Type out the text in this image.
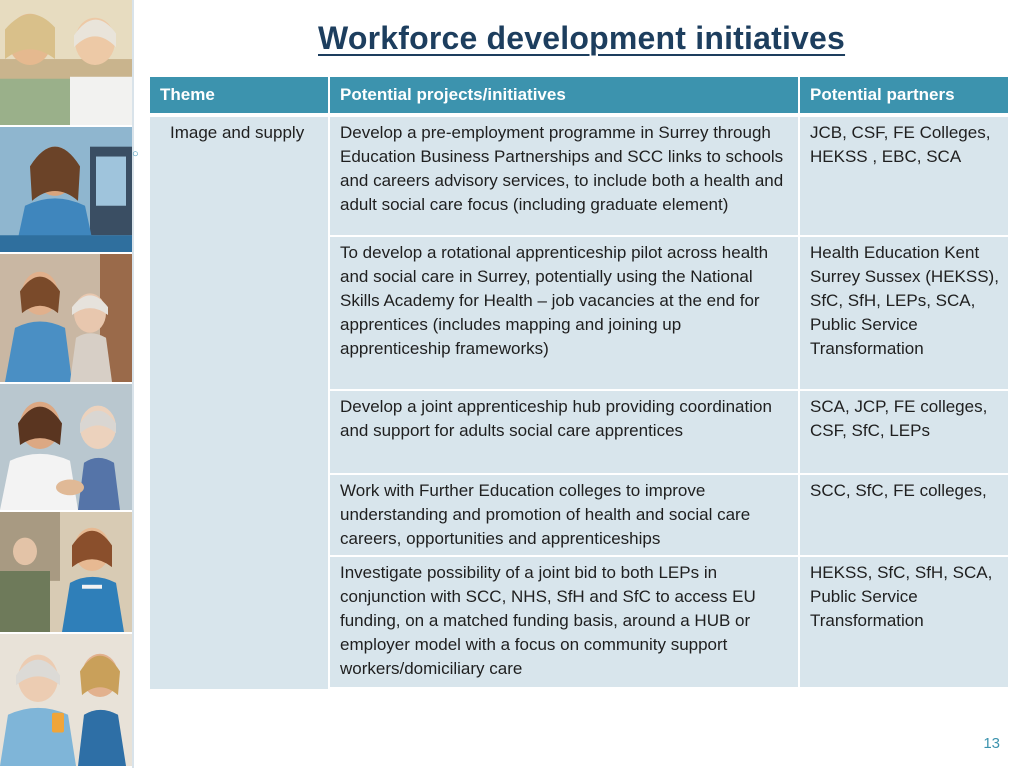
○
Workforce development initiatives
Theme	Potential projects/initiatives	Potential partners

Image and supply	Develop a pre-employment programme in Surrey through Education Business Partnerships and SCC links to schools and careers advisory services, to include both a health and adult social care focus (including graduate element)	JCB, CSF, FE Colleges, HEKSS , EBC, SCA
	To develop a rotational apprenticeship pilot across health and social care in Surrey, potentially using the National Skills Academy for Health – job vacancies at the end for apprentices (includes mapping and joining up apprenticeship frameworks)	Health Education Kent Surrey Sussex (HEKSS), SfC, SfH, LEPs, SCA, Public Service Transformation
	Develop a joint apprenticeship hub providing coordination and support for adults social care apprentices	SCA, JCP, FE colleges, CSF, SfC, LEPs
	Work with Further Education colleges to improve understanding and promotion of health and social care careers, opportunities and apprenticeships	SCC, SfC, FE colleges,
	Investigate possibility of a joint bid to both LEPs in conjunction with SCC, NHS, SfH and SfC to access EU funding, on a matched funding basis, around a HUB or employer model with a focus on community support workers/domiciliary care	HEKSS, SfC, SfH, SCA, Public Service Transformation
13
